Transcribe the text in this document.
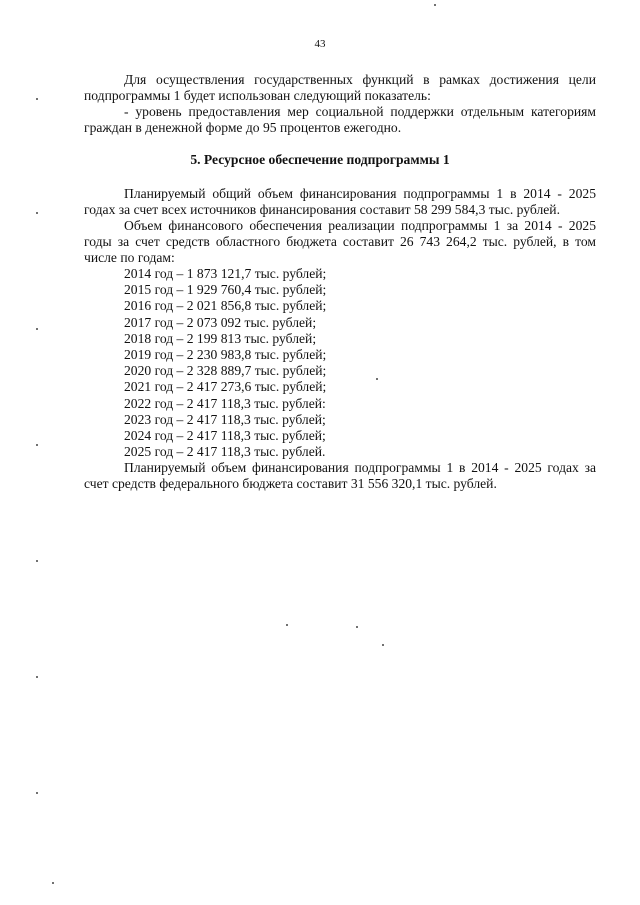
43

Для осуществления государственных функций в рамках достижения цели подпрограммы 1 будет использован следующий показатель:

- уровень предоставления мер социальной поддержки отдельным категориям граждан в денежной форме до 95 процентов ежегодно.

5. Ресурсное обеспечение подпрограммы 1

Планируемый общий объем финансирования подпрограммы 1 в 2014 - 2025 годах за счет всех источников финансирования составит 58 299 584,3 тыс. рублей.

Объем финансового обеспечения реализации подпрограммы 1 за 2014 - 2025 годы за счет средств областного бюджета составит 26 743 264,2 тыс. рублей, в том числе по годам:

2014 год – 1 873 121,7 тыс. рублей;
2015 год – 1 929 760,4 тыс. рублей;
2016 год – 2 021 856,8 тыс. рублей;
2017 год – 2 073 092 тыс. рублей;
2018 год – 2 199 813 тыс. рублей;
2019 год – 2 230 983,8 тыс. рублей;
2020 год – 2 328 889,7 тыс. рублей;
2021 год – 2 417 273,6 тыс. рублей;
2022 год – 2 417 118,3 тыс. рублей:
2023 год – 2 417 118,3 тыс. рублей;
2024 год – 2 417 118,3 тыс. рублей;
2025 год – 2 417 118,3 тыс. рублей.

Планируемый объем финансирования подпрограммы 1 в 2014 - 2025 годах за счет средств федерального бюджета составит 31 556 320,1 тыс. рублей.
